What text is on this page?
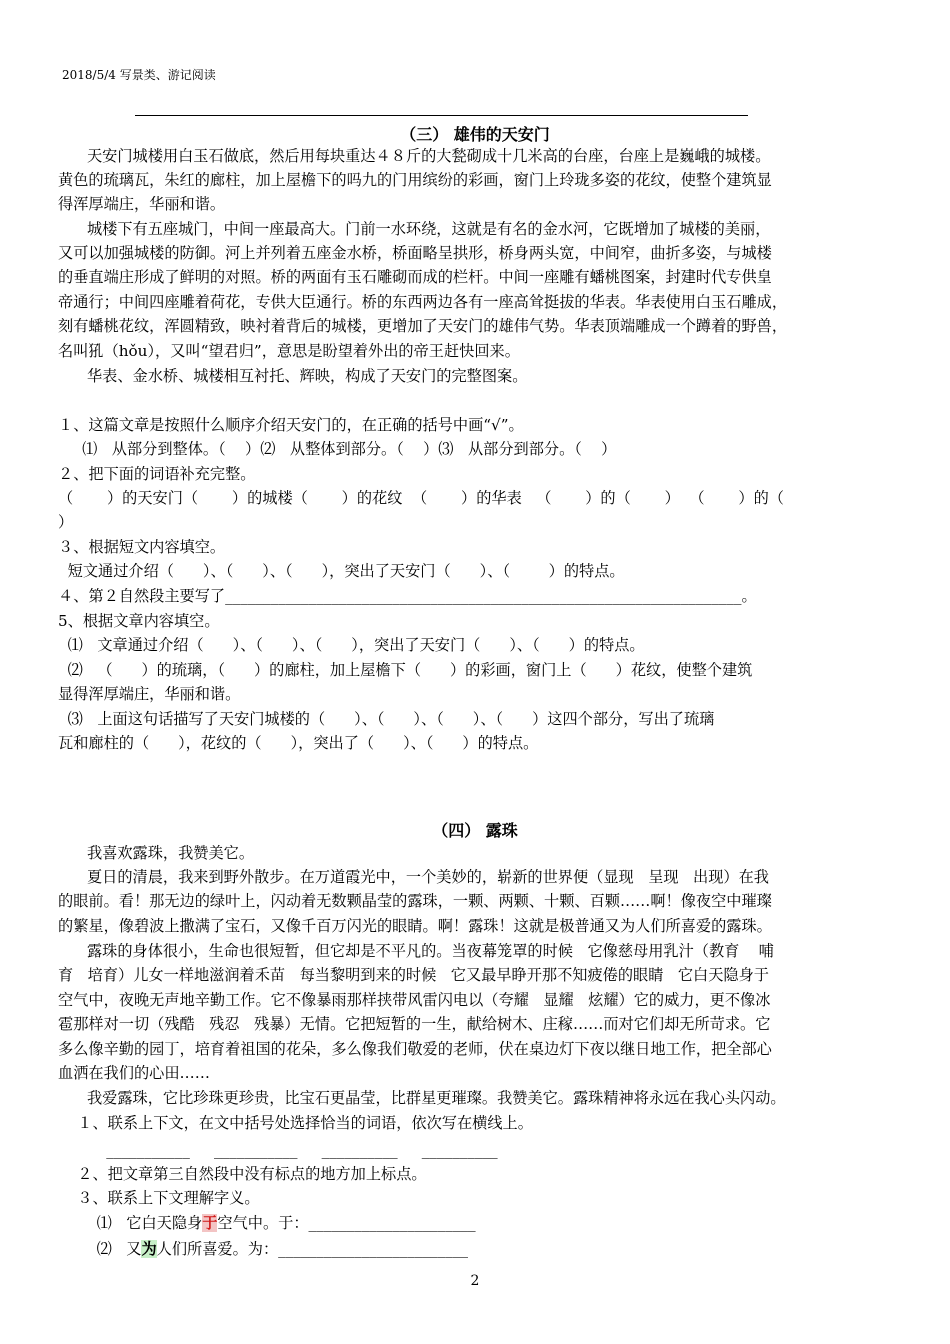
2018/5/4 写景类、游记阅读
（三） 雄伟的天安门
天安门城楼用白玉石做底，然后用每块重达４８斤的大甃砌成十几米高的台座，台座上是巍峨的城楼。
黄色的琉璃瓦，朱红的廊柱，加上屋檐下的吗九的门用缤纷的彩画，窗门上玲珑多姿的花纹，使整个建筑显
得浑厚端庄，华丽和谐。
城楼下有五座城门，中间一座最高大。门前一水环绕，这就是有名的金水河，它既增加了城楼的美丽，
又可以加强城楼的防御。河上并列着五座金水桥，桥面略呈拱形，桥身两头宽，中间窄，曲折多姿，与城楼
的垂直端庄形成了鲜明的对照。桥的两面有玉石雕砌而成的栏杆。中间一座雕有蟠桃图案，封建时代专供皇
帝通行；中间四座雕着荷花，专供大臣通行。桥的东西两边各有一座高耸挺拔的华表。华表使用白玉石雕成，
刻有蟠桃花纹，浑圆精致，映衬着背后的城楼，更增加了天安门的雄伟气势。华表顶端雕成一个蹲着的野兽，
名叫犼（hǒu），又叫“望君归”，意思是盼望着外出的帝王赶快回来。
华表、金水桥、城楼相互衬托、辉映，构成了天安门的完整图案。
１、这篇文章是按照什么顺序介绍天安门的，在正确的括号中画“√”。
⑴   从部分到整体。（    ）⑵   从整体到部分。（    ）⑶   从部分到部分。（    ）
２、把下面的词语补充完整。
（       ）的天安门（       ）的城楼（       ）的花纹  （       ）的华表   （       ）的（       ）  （       ）的（
）
３、根据短文内容填空。
短文通过介绍（      ）、（      ）、（      ），突出了天安门（      ）、（        ）的特点。
４、第２自然段主要写了____________________________________________________________________。
5、根据文章内容填空。
⑴   文章通过介绍（      ）、（      ）、（      ），突出了天安门（      ）、（      ）的特点。
⑵   （      ）的琉璃，（      ）的廊柱，加上屋檐下（      ）的彩画，窗门上（      ）花纹，使整个建筑
显得浑厚端庄，华丽和谐。
⑶   上面这句话描写了天安门城楼的（      ）、（      ）、（      ）、（      ）这四个部分，写出了琉璃
瓦和廊柱的（      ），花纹的（      ），突出了（      ）、（      ）的特点。
（四） 露珠
我喜欢露珠，我赞美它。
夏日的清晨，我来到野外散步。在万道霞光中，一个美妙的，崭新的世界便（显现   呈现   出现）在我
的眼前。看！那无边的绿叶上，闪动着无数颗晶莹的露珠，一颗、两颗、十颗、百颗……啊！像夜空中璀璨
的繁星，像碧波上撒满了宝石，又像千百万闪光的眼睛。啊！露珠！这就是极普通又为人们所喜爱的露珠。
露珠的身体很小，生命也很短暂，但它却是不平凡的。当夜幕笼罩的时候   它像慈母用乳汁（教育    哺
育   培育）儿女一样地滋润着禾苗   每当黎明到来的时候   它又最早睁开那不知疲倦的眼睛   它白天隐身于
空气中，夜晚无声地辛勤工作。它不像暴雨那样挟带风雷闪电以（夸耀   显耀   炫耀）它的威力，更不像冰
雹那样对一切（残酷   残忍   残暴）无情。它把短暂的一生，献给树木、庄稼……而对它们却无所苛求。它
多么像辛勤的园丁，培育着祖国的花朵，多么像我们敬爱的老师，伏在桌边灯下夜以继日地工作，把全部心
血洒在我们的心田……
我爱露珠，它比珍珠更珍贵，比宝石更晶莹，比群星更璀璨。我赞美它。露珠精神将永远在我心头闪动。
１、联系上下文，在文中括号处选择恰当的词语，依次写在横线上。
___________     ___________     __________     __________
２、把文章第三自然段中没有标点的地方加上标点。
３、联系上下文理解字义。
⑴   它白天隐身于空气中。于：______________________
⑵   又为人们所喜爱。为：_________________________
2
